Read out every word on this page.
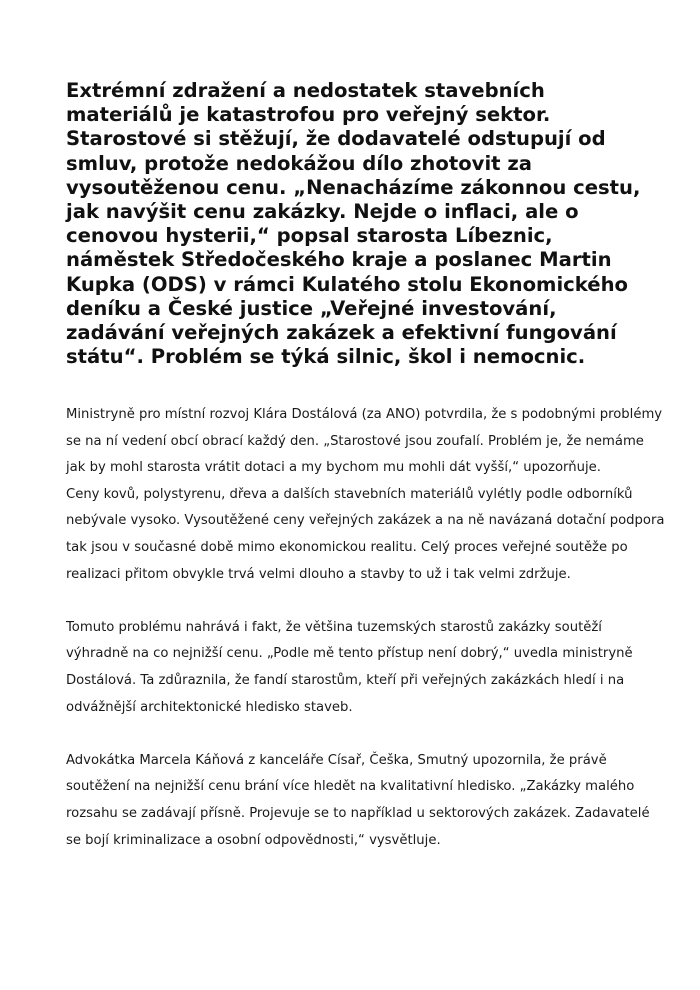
Extrémní zdražení a nedostatek stavebních materiálů je katastrofou pro veřejný sektor. Starostové si stěžují, že dodavatelé odstupují od smluv, protože nedokážou dílo zhotovit za vysoutěženou cenu. „Nenacházíme zákonnou cestu, jak navýšit cenu zakázky. Nejde o inflaci, ale o cenovou hysterii,“ popsal starosta Líbeznic, náměstek Středočeského kraje a poslanec Martin Kupka (ODS) v rámci Kulatého stolu Ekonomického deníku a České justice „Veřejné investování, zadávání veřejných zakázek a efektivní fungování státu“. Problém se týká silnic, škol i nemocnic.

Ministryně pro místní rozvoj Klára Dostálová (za ANO) potvrdila, že s podobnými problémy se na ní vedení obcí obrací každý den. „Starostové jsou zoufalí. Problém je, že nemáme jak by mohl starosta vrátit dotaci a my bychom mu mohli dát vyšší,“ upozorňuje.

Ceny kovů, polystyrenu, dřeva a dalších stavebních materiálů vylétly podle odborníků nebývale vysoko. Vysoutěžené ceny veřejných zakázek a na ně navázaná dotační podpora tak jsou v současné době mimo ekonomickou realitu. Celý proces veřejné soutěže po realizaci přitom obvykle trvá velmi dlouho a stavby to už i tak velmi zdržuje.

Tomuto problému nahrává i fakt, že většina tuzemských starostů zakázky soutěží výhradně na co nejnižší cenu. „Podle mě tento přístup není dobrý,“ uvedla ministryně Dostálová. Ta zdůraznila, že fandí starostům, kteří při veřejných zakázkách hledí i na odvážnější architektonické hledisko staveb.

Advokátka Marcela Káňová z kanceláře Císař, Češka, Smutný upozornila, že právě soutěžení na nejnižší cenu brání více hledět na kvalitativní hledisko. „Zakázky malého rozsahu se zadávají přísně. Projevuje se to například u sektorových zakázek. Zadavatelé se bojí kriminalizace a osobní odpovědnosti,“ vysvětluje.
